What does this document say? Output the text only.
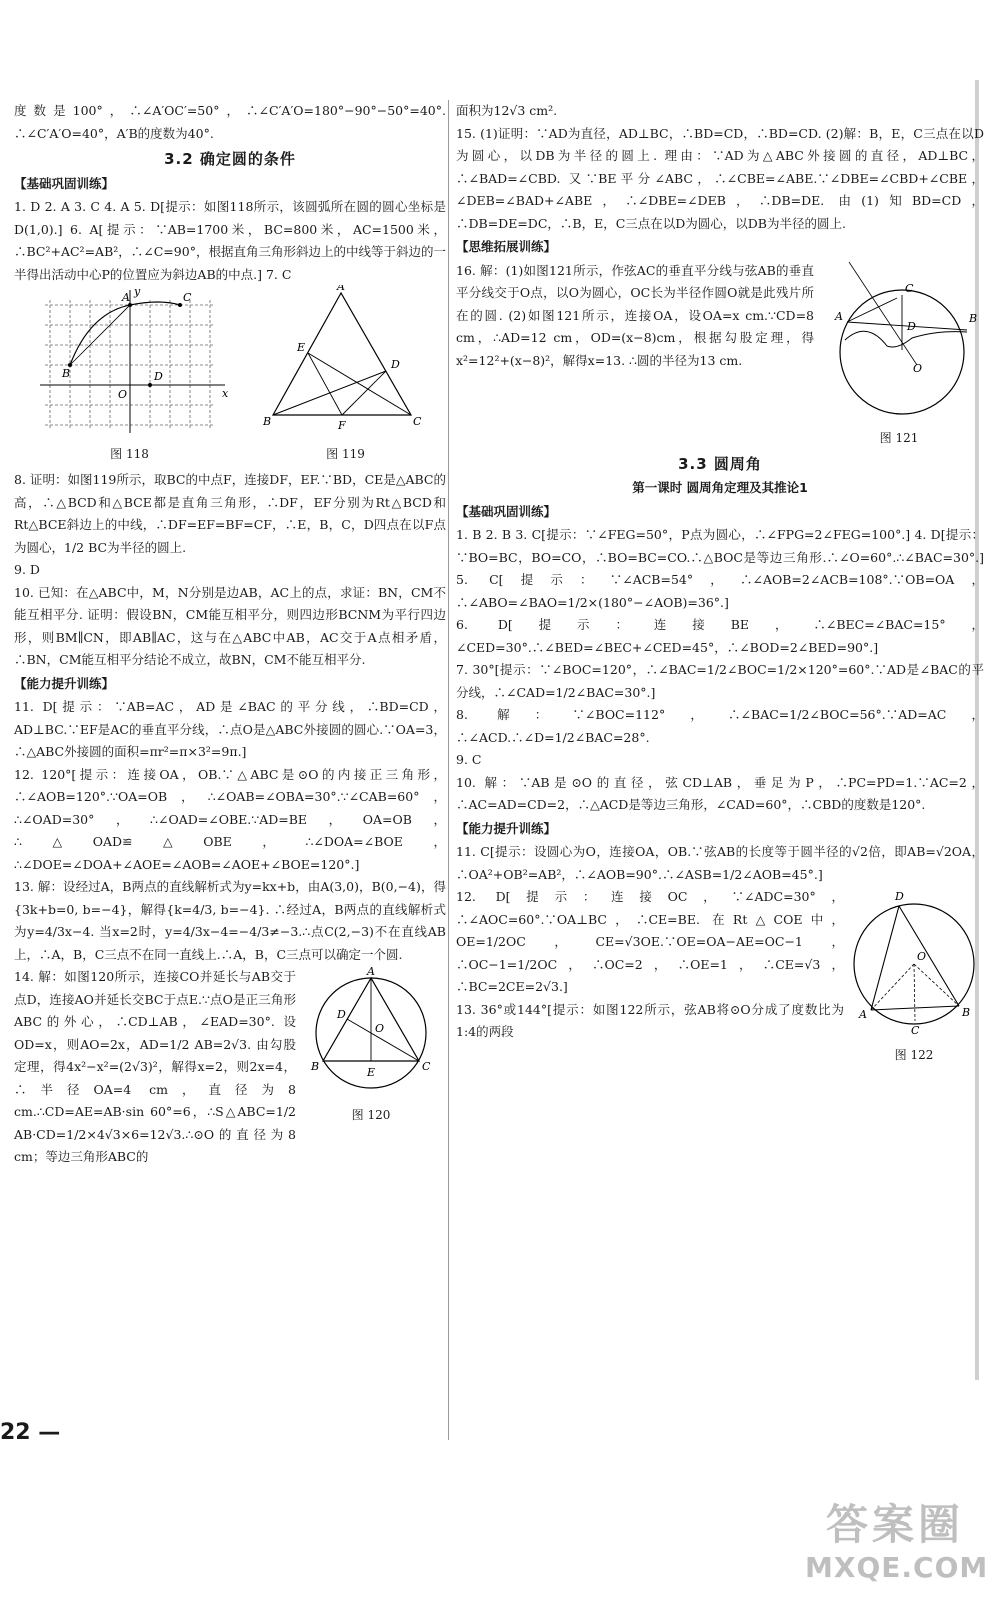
度数是100°，∴∠A′OC′=50°，∴∠C′A′O=180°−90°−50°=40°. ∴∠C′A′O=40°，A′B的度数为40°.

3.2 确定圆的条件
【基础巩固训练】

1. D 2. A 3. C 4. A 5. D[提示：如图118所示，该圆弧所在圆的圆心坐标是 D(1,0).] 6. A[提示：∵AB=1700米，BC=800米，AC=1500米，∴BC²+AC²=AB²，∴∠C=90°，根据直角三角形斜边上的中线等于斜边的一半得出活动中心P的位置应为斜边AB的中点.] 7. C

A
B
C
D
O
y
x
图 118
A
B	C
D
E
F
图 119

8. 证明：如图119所示，取BC的中点F，连接DF，EF.∵BD，CE是△ABC的高，∴△BCD和△BCE都是直角三角形，∴DF，EF分别为Rt△BCD和Rt△BCE斜边上的中线，∴DF=EF=BF=CF，∴E，B，C，D四点在以F点为圆心，1/2 BC为半径的圆上.

9. D

10. 已知：在△ABC中，M，N分别是边AB，AC上的点，求证：BN，CM不能互相平分. 证明：假设BN，CM能互相平分，则四边形BCNM为平行四边形，则BM∥CN，即AB∥AC，这与在△ABC中AB，AC交于A点相矛盾，∴BN，CM能互相平分结论不成立，故BN，CM不能互相平分.

【能力提升训练】

11. D[提示：∵AB=AC，AD是∠BAC的平分线，∴BD=CD，AD⊥BC.∵EF是AC的垂直平分线，∴点O是△ABC外接圆的圆心.∵OA=3，∴△ABC外接圆的面积=πr²=π×3²=9π.]

12. 120°[提示：连接OA，OB.∵△ABC是⊙O的内接正三角形，∴∠AOB=120°.∵OA=OB，∴∠OAB=∠OBA=30°.∵∠CAB=60°，∴∠OAD=30°，∴∠OAD=∠OBE.∵AD=BE，OA=OB，∴△OAD≌△OBE，∴∠DOA=∠BOE，∴∠DOE=∠DOA+∠AOE=∠AOB=∠AOE+∠BOE=120°.]

13. 解：设经过A，B两点的直线解析式为y=kx+b，由A(3,0)，B(0,−4)，得{3k+b=0, b=−4}，解得{k=4/3, b=−4}. ∴经过A，B两点的直线解析式为y=4/3x−4. 当x=2时，y=4/3x−4=−4/3≠−3.∴点C(2,−3)不在直线AB上，∴A，B，C三点不在同一直线上.∴A，B，C三点可以确定一个圆.

14. 解：如图120所示，连接CO并延长与AB交于点D，连接AO并延长交BC于点E.∵点O是正三角形ABC的外心，∴CD⊥AB，∠EAD=30°. 设OD=x，则AO=2x，AD=1/2 AB=2√3. 由勾股定理，得4x²−x²=(2√3)²，解得x=2，则2x=4，∴半径OA=4 cm，直径为8 cm.∴CD=AE=AB·sin 60°=6，∴S△ABC=1/2 AB·CD=1/2×4√3×6=12√3.∴⊙O的直径为8 cm；等边三角形ABC的

A
B	C
D
O
E
图 120

面积为12√3 cm².

15. (1)证明：∵AD为直径，AD⊥BC，∴BD=CD，∴BD=CD. (2)解：B，E，C三点在以D为圆心，以DB为半径的圆上. 理由：∵AD为△ABC外接圆的直径，AD⊥BC，∴∠BAD=∠CBD. 又∵BE平分∠ABC，∴∠CBE=∠ABE.∵∠DBE=∠CBD+∠CBE，∠DEB=∠BAD+∠ABE，∴∠DBE=∠DEB，∴DB=DE. 由(1)知BD=CD，∴DB=DE=DC，∴B，E，C三点在以D为圆心，以DB为半径的圆上.

【思维拓展训练】

16. 解：(1)如图121所示，作弦AC的垂直平分线与弦AB的垂直平分线交于O点，以O为圆心，OC长为半径作圆O就是此残片所在的圆. (2)如图121所示，连接OA，设OA=x cm.∵CD=8 cm，∴AD=12 cm，OD=(x−8)cm，根据勾股定理，得x²=12²+(x−8)²，解得x=13. ∴圆的半径为13 cm.

A	B
C
D
O
图 121
3.3 圆周角
第一课时 圆周角定理及其推论1
【基础巩固训练】

1. B 2. B 3. C[提示：∵∠FEG=50°，P点为圆心，∴∠FPG=2∠FEG=100°.] 4. D[提示：∵BO=BC，BO=CO，∴BO=BC=CO.∴△BOC是等边三角形.∴∠O=60°.∴∠BAC=30°.] 5. C[提示：∵∠ACB=54°，∴∠AOB=2∠ACB=108°.∵OB=OA，∴∠ABO=∠BAO=1/2×(180°−∠AOB)=36°.]

6. D[提示：连接BE，∴∠BEC=∠BAC=15°，∠CED=30°.∴∠BED=∠BEC+∠CED=45°，∴∠BOD=2∠BED=90°.]

7. 30°[提示：∵∠BOC=120°，∴∠BAC=1/2∠BOC=1/2×120°=60°.∵AD是∠BAC的平分线，∴∠CAD=1/2∠BAC=30°.]

8. 解：∵∠BOC=112°，∴∠BAC=1/2∠BOC=56°.∵AD=AC，∴∠ACD.∴∠D=1/2∠BAC=28°.

9. C

10. 解：∵AB是⊙O的直径，弦CD⊥AB，垂足为P，∴PC=PD=1.∵AC=2，∴AC=AD=CD=2，∴△ACD是等边三角形，∠CAD=60°，∴CBD的度数是120°.

【能力提升训练】

11. C[提示：设圆心为O，连接OA，OB.∵弦AB的长度等于圆半径的√2倍，即AB=√2OA，∴OA²+OB²=AB²，∴∠AOB=90°.∴∠ASB=1/2∠AOB=45°.]

12. D[提示：连接OC，∵∠ADC=30°，∴∠AOC=60°.∵OA⊥BC，∴CE=BE. 在Rt△COE中，OE=1/2OC，CE=√3OE.∵OE=OA−AE=OC−1，∴OC−1=1/2OC，∴OC=2，∴OE=1，∴CE=√3，∴BC=2CE=2√3.]

13. 36°或144°[提示：如图122所示，弦AB将⊙O分成了度数比为1:4的两段

D
O
A	B
C
图 122
22 —
答案圈
MXQE.COM
